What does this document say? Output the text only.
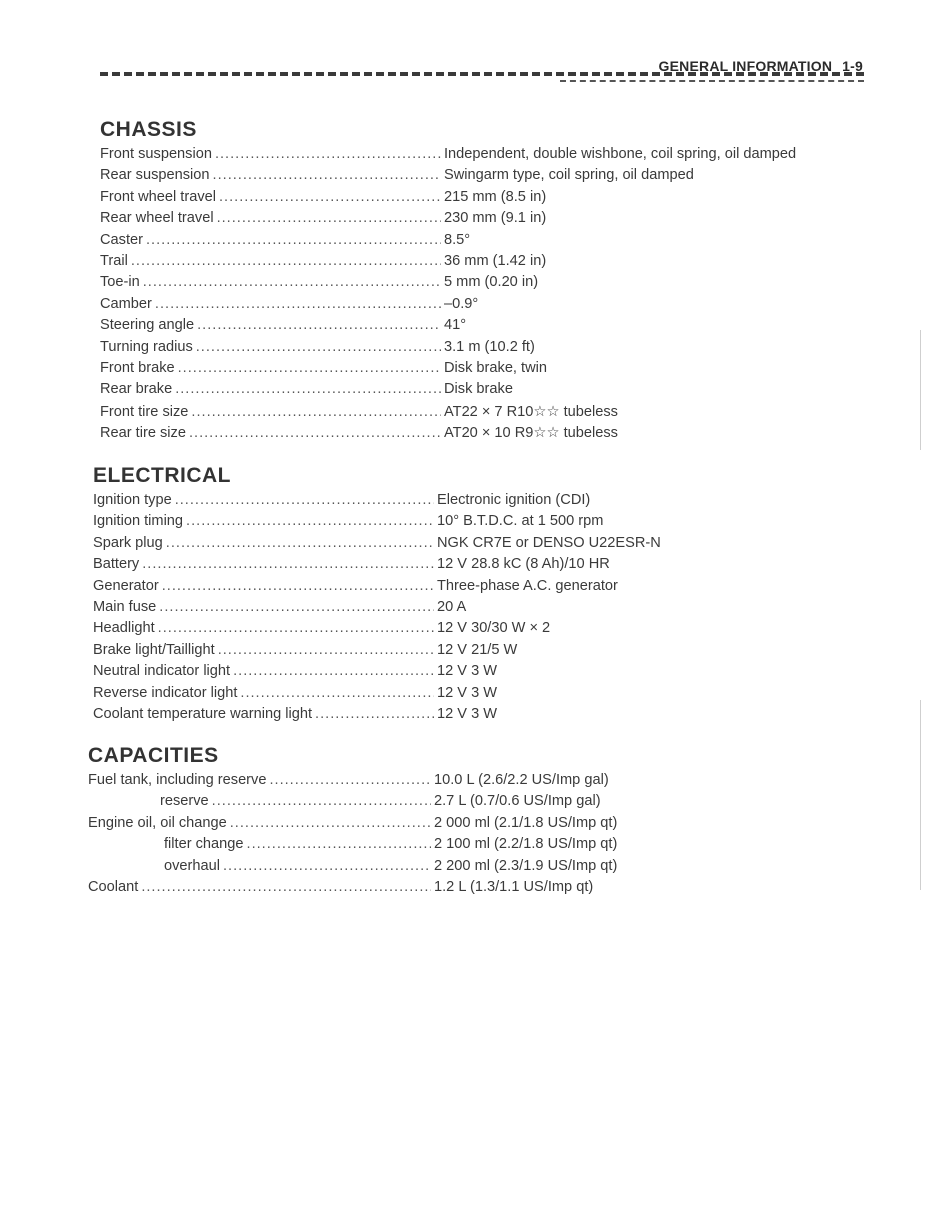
GENERAL INFORMATION 1-9
CHASSIS
Front suspension .....	Independent, double wishbone, coil spring, oil damped
Rear suspension .....	Swingarm type, coil spring, oil damped
Front wheel travel .....	215 mm (8.5 in)
Rear wheel travel .....	230 mm (9.1 in)
Caster .....	8.5°
Trail .....	36 mm (1.42 in)
Toe-in .....	5 mm (0.20 in)
Camber .....	–0.9°
Steering angle .....	41°
Turning radius .....	3.1 m (10.2 ft)
Front brake .....	Disk brake, twin
Rear brake .....	Disk brake
Front tire size .....	AT22 × 7 R10☆☆ tubeless
Rear tire size .....	AT20 × 10 R9☆☆ tubeless
ELECTRICAL
Ignition type .....	Electronic ignition (CDI)
Ignition timing .....	10° B.T.D.C. at 1 500 rpm
Spark plug .....	NGK CR7E or DENSO U22ESR-N
Battery .....	12 V 28.8 kC (8 Ah)/10 HR
Generator .....	Three-phase A.C. generator
Main fuse .....	20 A
Headlight .....	12 V 30/30 W × 2
Brake light/Taillight .....	12 V 21/5 W
Neutral indicator light .....	12 V 3 W
Reverse indicator light .....	12 V 3 W
Coolant temperature warning light .....	12 V 3 W
CAPACITIES
Fuel tank, including reserve .....	10.0 L (2.6/2.2 US/Imp gal)
reserve .....	2.7 L (0.7/0.6 US/Imp gal)
Engine oil, oil change .....	2 000 ml (2.1/1.8 US/Imp qt)
filter change .....	2 100 ml (2.2/1.8 US/Imp qt)
overhaul .....	2 200 ml (2.3/1.9 US/Imp qt)
Coolant .....	1.2 L (1.3/1.1 US/Imp qt)
